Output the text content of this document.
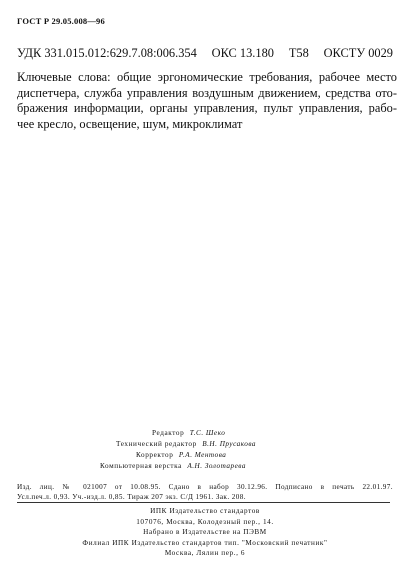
ГОСТ Р 29.05.008—96
УДК 331.015.012:629.7.08:006.354 ОКС 13.180 Т58 ОКСТУ 0029
Ключевые слова: общие эргономические требования, рабочее место
диспетчера, служба управления воздушным движением, средства ото-
бражения информации, органы управления, пульт управления, рабо-
чее кресло, освещение, шум, микроклимат
Редактор Т.С. Шеко
Технический редактор В.Н. Прусакова
Корректор Р.А. Ментова
Компьютерная верстка А.Н. Золотарева
Изд. лиц. № 021007 от 10.08.95. Сдано в набор 30.12.96. Подписано в печать 22.01.97.
Усл.печ.л. 0,93. Уч.-изд.л. 0,85. Тираж 207 экз. С/Д 1961. Зак. 208.
ИПК Издательство стандартов
107076, Москва, Колодезный пер., 14.
Набрано в Издательстве на ПЭВМ
Филиал ИПК Издательство стандартов тип. "Московский печатник"
Москва, Лялин пер., 6
